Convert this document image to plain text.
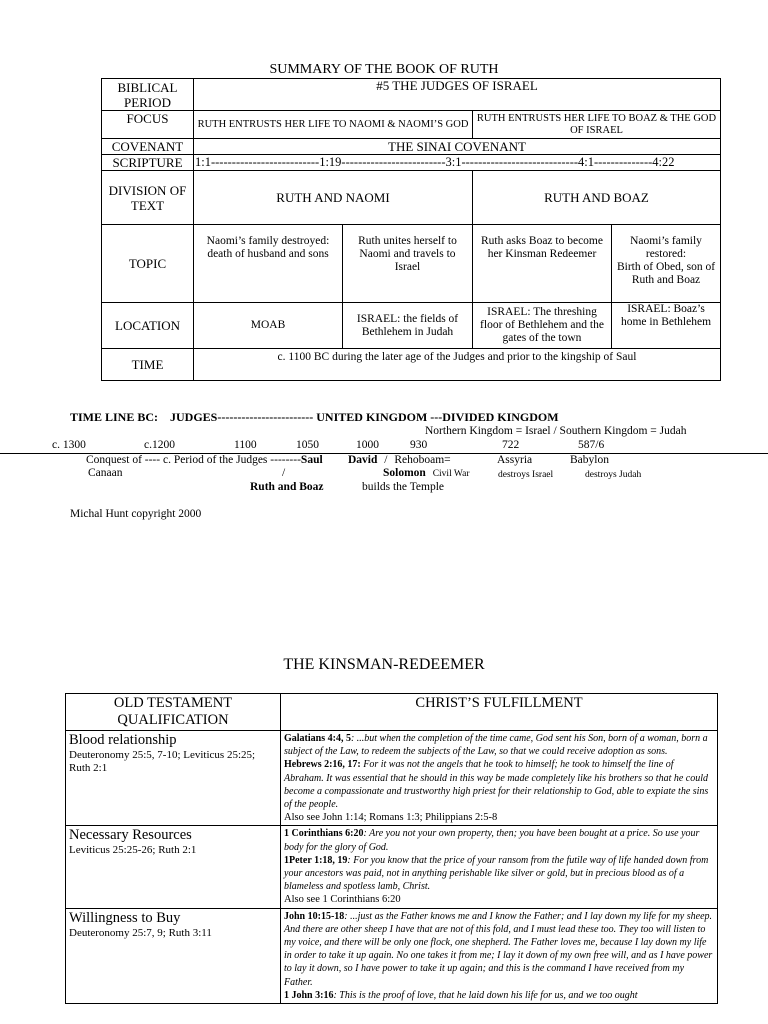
SUMMARY OF THE BOOK OF RUTH
BIBLICAL PERIOD	#5 THE JUDGES OF ISRAEL			
FOCUS	RUTH ENTRUSTS HER LIFE TO NAOMI & NAOMI’S GOD		RUTH ENTRUSTS HER LIFE TO BOAZ & THE GOD OF ISRAEL	
COVENANT	THE SINAI COVENANT			
SCRIPTURE	1:1--------------------------1:19-------------------------3:1----------------------------4:1--------------4:22			
DIVISION OF TEXT	RUTH AND NAOMI		RUTH AND BOAZ	
TOPIC	Naomi’s family destroyed: death of husband and sons	Ruth unites herself to Naomi and travels to Israel	Ruth asks Boaz to become her Kinsman Redeemer	Naomi’s family restored:
Birth of Obed, son of Ruth and Boaz

LOCATION	MOAB	ISRAEL: the fields of Bethlehem in Judah	ISRAEL: The threshing floor of Bethlehem and the gates of the town	ISRAEL: Boaz’s home in Bethlehem
TIME	c. 1100 BC during the later age of the Judges and prior to the kingship of Saul			
TIME LINE BC:    JUDGES------------------------ UNITED KINGDOM ---DIVIDED KINGDOM
Northern Kingdom = Israel / Southern Kingdom = Judah
c. 1300	c.1200	1100	1050	1000	930	722	587/6
Conquest of ---- c. Period of the Judges --------Saul
Canaan	/
Ruth and Boaz
David / Rehoboam=
Solomon Civil War
builds the Temple
Assyria
destroys Israel
Babylon
destroys Judah
Michal Hunt copyright 2000
THE KINSMAN-REDEEMER
OLD TESTAMENT QUALIFICATION	CHRIST’S FULFILLMENT

Blood relationship
Deuteronomy 25:5, 7-10; Leviticus 25:25; Ruth 2:1	Galatians 4:4, 5: ...but when the completion of the time came, God sent his Son, born of a woman, born a subject of the Law, to redeem the subjects of the Law, so that we could receive adoption as sons.
Hebrews 2:16, 17: For it was not the angels that he took to himself; he took to himself the line of Abraham. It was essential that he should in this way be made completely like his brothers so that he could become a compassionate and trustworthy high priest for their relationship to God, able to expiate the sins of the people.
Also see John 1:14; Romans 1:3; Philippians 2:5-8

Necessary Resources
Leviticus 25:25-26; Ruth 2:1	1 Corinthians 6:20: Are you not your own property, then; you have been bought at a price. So use your body for the glory of God.
1Peter 1:18, 19: For you know that the price of your ransom from the futile way of life handed down from your ancestors was paid, not in anything perishable like silver or gold, but in precious blood as of a blameless and spotless lamb, Christ.
Also see 1 Corinthians 6:20

Willingness to Buy
Deuteronomy 25:7, 9; Ruth 3:11	John 10:15-18: ...just as the Father knows me and I know the Father; and I lay down my life for my sheep. And there are other sheep I have that are not of this fold, and I must lead these too. They too will listen to my voice, and there will be only one flock, one shepherd. The Father loves me, because I lay down my life in order to take it up again. No one takes it from me; I lay it down of my own free will, and as I have power to lay it down, so I have power to take it up again; and this is the command I have received from my Father.
1 John 3:16: This is the proof of love, that he laid down his life for us, and we too ought
